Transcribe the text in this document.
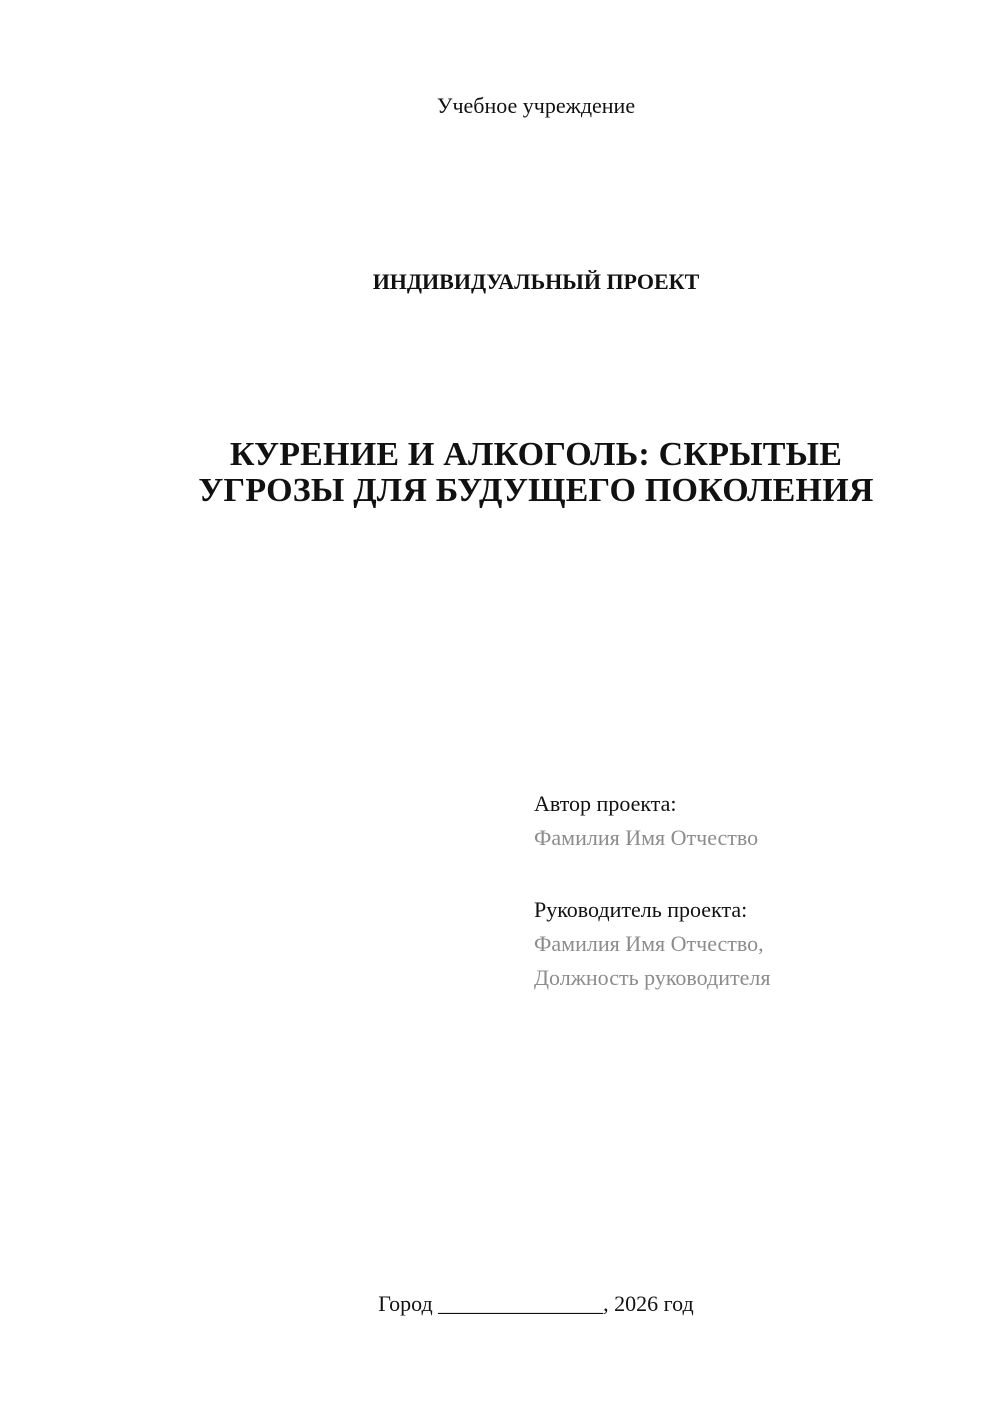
Учебное учреждение
ИНДИВИДУАЛЬНЫЙ ПРОЕКТ
КУРЕНИЕ И АЛКОГОЛЬ: СКРЫТЫЕ
УГРОЗЫ ДЛЯ БУДУЩЕГО ПОКОЛЕНИЯ
Автор проекта:
Фамилия Имя Отчество
Руководитель проекта:
Фамилия Имя Отчество,
Должность руководителя
Город _______________, 2026 год
